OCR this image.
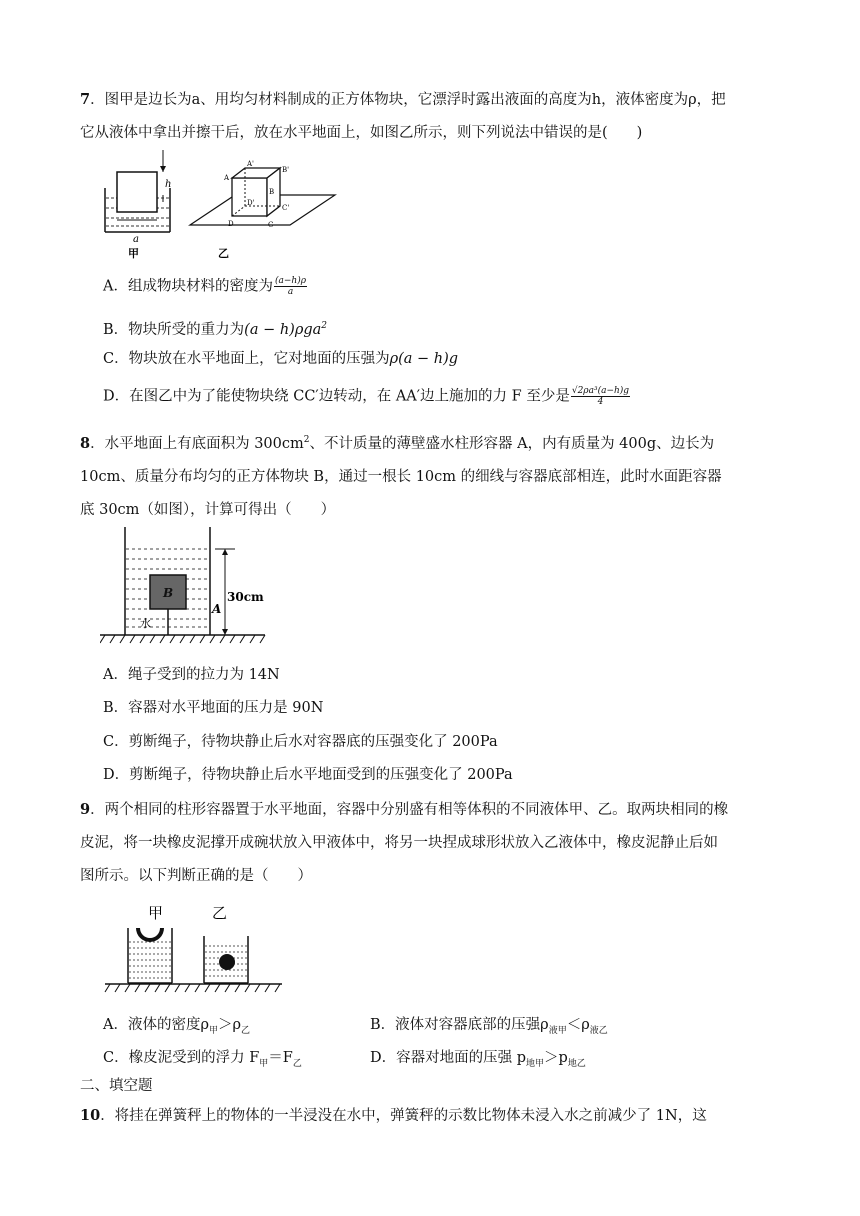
7．图甲是边长为a、用均匀材料制成的正方体物块，它漂浮时露出液面的高度为h，液体密度为ρ，把它从液体中拿出并擦干后，放在水平地面上，如图乙所示，则下列说法中错误的是(　　)
h
a
甲
A'
B'
A
B
D'
C'
D	C
乙
A．组成物块材料的密度为 $\frac{(a-h)\rho}{a}$
B．物块所受的重力为(a − h)ρga$^2$
C．物块放在水平地面上，它对地面的压强为ρ(a − h)g
D．在图乙中为了能使物块绕 CC′边转动，在 AA′边上施加的力 F 至少是 $\frac{\text{√2ρa³(a−h)g}}{4}$
8．水平地面上有底面积为 $300cm^2$、不计质量的薄壁盛水柱形容器 A，内有质量为 400g、边长为10cm、质量分布均匀的正方体物块 B，通过一根长 10cm 的细线与容器底部相连，此时水面距容器底 30cm（如图），计算可得出（　　）
B
水
A
30cm
A．绳子受到的拉力为 14N
B．容器对水平地面的压力是 90N
C．剪断绳子，待物块静止后水对容器底的压强变化了 200Pa
D．剪断绳子，待物块静止后水平地面受到的压强变化了 200Pa
9．两个相同的柱形容器置于水平地面，容器中分别盛有相等体积的不同液体甲、乙。取两块相同的橡皮泥，将一块橡皮泥撑开成碗状放入甲液体中，将另一块捏成球形状放入乙液体中，橡皮泥静止后如图所示。以下判断正确的是（　　）
甲	乙
A．液体的密度$\rho_甲>\rho_乙$	B．液体对容器底部的压强$\rho_{液甲}<\rho_{液乙}$
C．橡皮泥受到的浮力 $F_甲=F_乙$	D．容器对地面的压强 $p_{地甲}>p_{地乙}$
二、填空题
10．将挂在弹簧秤上的物体的一半浸没在水中，弹簧秤的示数比物体未浸入水之前减少了 1N，这
